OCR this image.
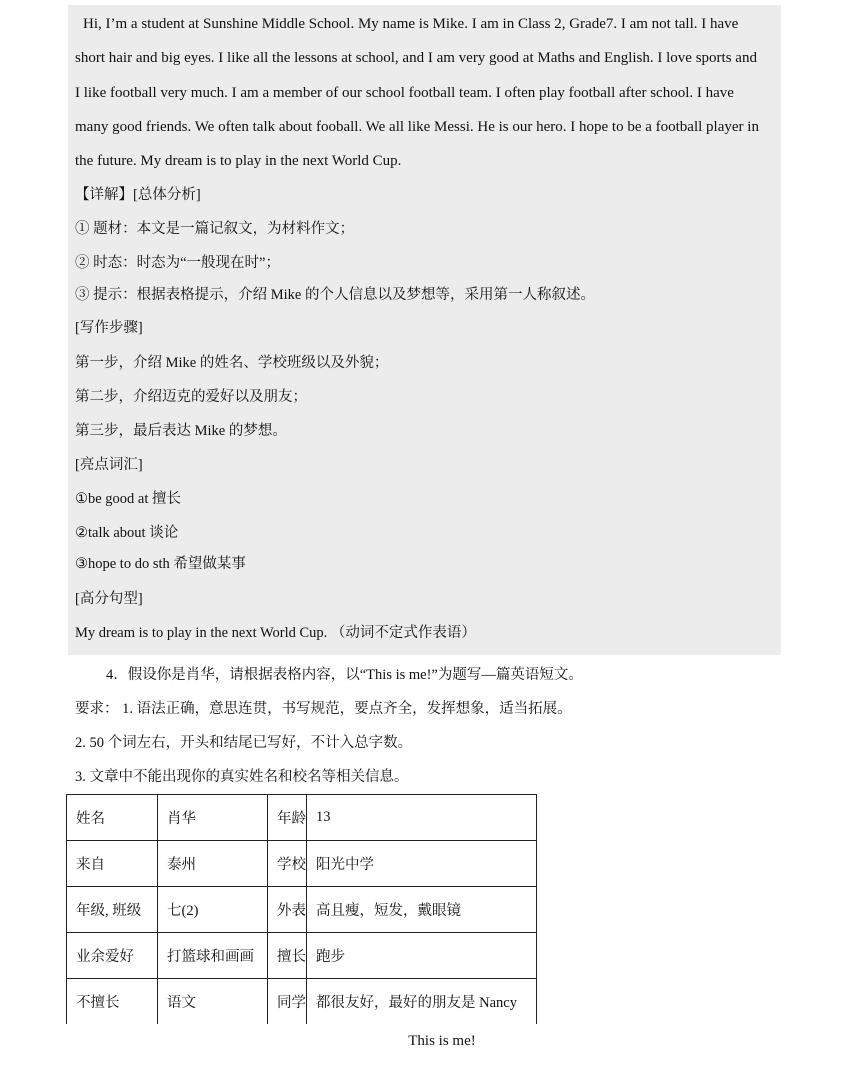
Hi, I’m a student at Sunshine Middle School. My name is Mike. I am in Class 2, Grade7. I am not tall. I have
short hair and big eyes. I like all the lessons at school, and I am very good at Maths and English. I love sports and
I like football very much. I am a member of our school football team. I often play football after school. I have
many good friends. We often talk about fooball. We all like Messi. He is our hero. I hope to be a football player in
the future. My dream is to play in the next World Cup.
【详解】[总体分析]
① 题材：本文是一篇记叙文，为材料作文；
② 时态：时态为“一般现在时”；
③ 提示：根据表格提示，介绍 Mike 的个人信息以及梦想等，采用第一人称叙述。
[写作步骤]
第一步，介绍 Mike 的姓名、学校班级以及外貌；
第二步，介绍迈克的爱好以及朋友；
第三步，最后表达 Mike 的梦想。
[亮点词汇]
①be good at 擅长
②talk about 谈论
③hope to do sth 希望做某事
[高分句型]
My dream is to play in the next World Cup. （动词不定式作表语）
4．假设你是肖华，请根据表格内容，以“This is me!”为题写—篇英语短文。
要求： 1. 语法正确，意思连贯，书写规范，要点齐全，发挥想象，适当拓展。
2. 50 个词左右，开头和结尾已写好，不计入总字数。
3. 文章中不能出现你的真实姓名和校名等相关信息。
姓名	肖华	年龄	13
来自	泰州	学校	阳光中学
年级, 班级	七(2)	外表	高且瘦，短发，戴眼镜
业余爱好	打篮球和画画	擅长	跑步
不擅长	语文	同学	都很友好，最好的朋友是 Nancy
This is me!
